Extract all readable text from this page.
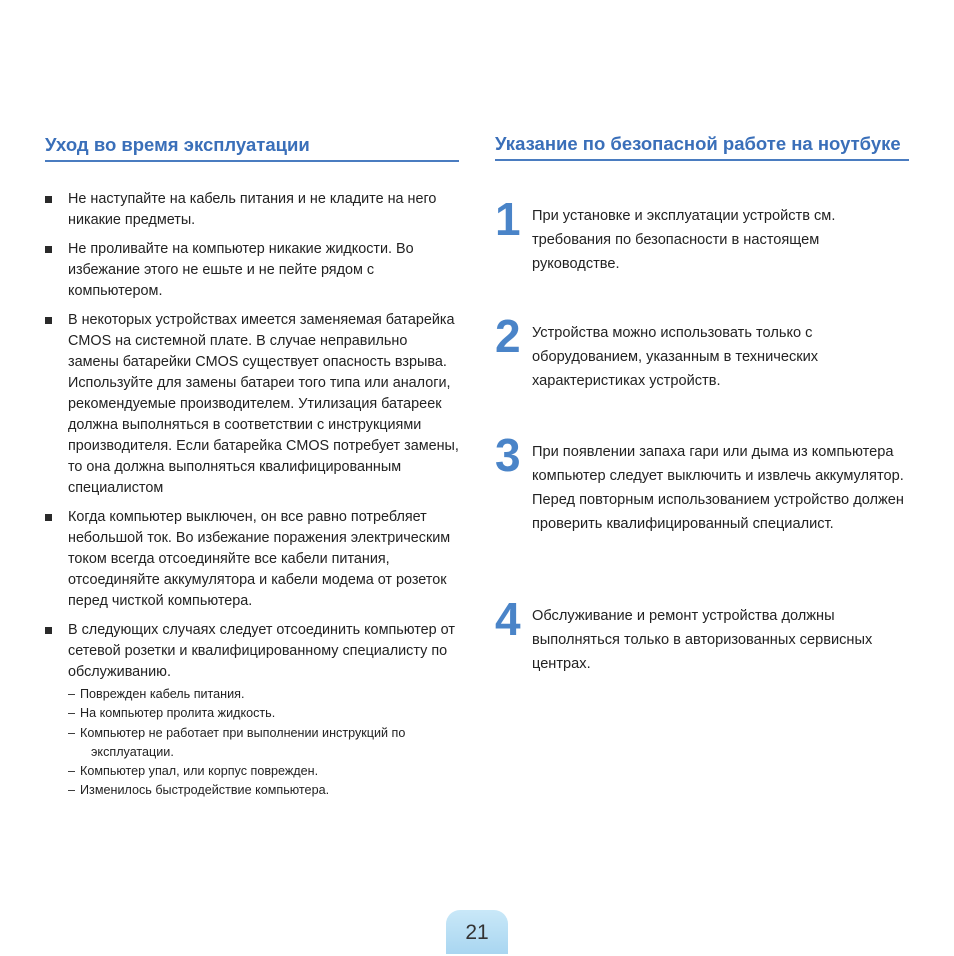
Уход во время эксплуатации

Не наступайте на кабель питания и не кладите на него никакие предметы.

Не проливайте на компьютер никакие жидкости. Во избежание этого не ешьте и не пейте рядом с компьютером.

В некоторых устройствах имеется заменяемая батарейка CMOS на системной плате. В случае неправильно замены батарейки CMOS существует опасность взрыва.

Используйте для замены батареи того типа или аналоги, рекомендуемые производителем. Утилизация батареек должна выполняться в соответствии с инструкциями производителя. Если батарейка CMOS потребует замены, то она должна выполняться квалифицированным специалистом

Когда компьютер выключен, он все равно потребляет небольшой ток. Во избежание поражения электрическим током всегда отсоединяйте все кабели питания, отсоединяйте аккумулятора и кабели модема от розеток перед чисткой компьютера.

В следующих случаях следует отсоединить компьютер от сетевой розетки и квалифицированному специалисту по обслуживанию.

– Поврежден кабель питания.
– На компьютер пролита жидкость.
– Компьютер не работает при выполнении инструкций по эксплуатации.
– Компьютер упал, или корпус поврежден.
– Изменилось быстродействие компьютера.
Указание по безопасной работе на ноутбуке
1 При установке и эксплуатации устройств см. требования по безопасности в настоящем руководстве.
2 Устройства можно использовать только с оборудованием, указанным в технических характеристиках устройств.
3 При появлении запаха гари или дыма из компьютера компьютер следует выключить и извлечь аккумулятор. Перед повторным использованием устройство должен проверить квалифицированный специалист.
4 Обслуживание и ремонт устройства должны выполняться только в авторизованных сервисных центрах.
21
